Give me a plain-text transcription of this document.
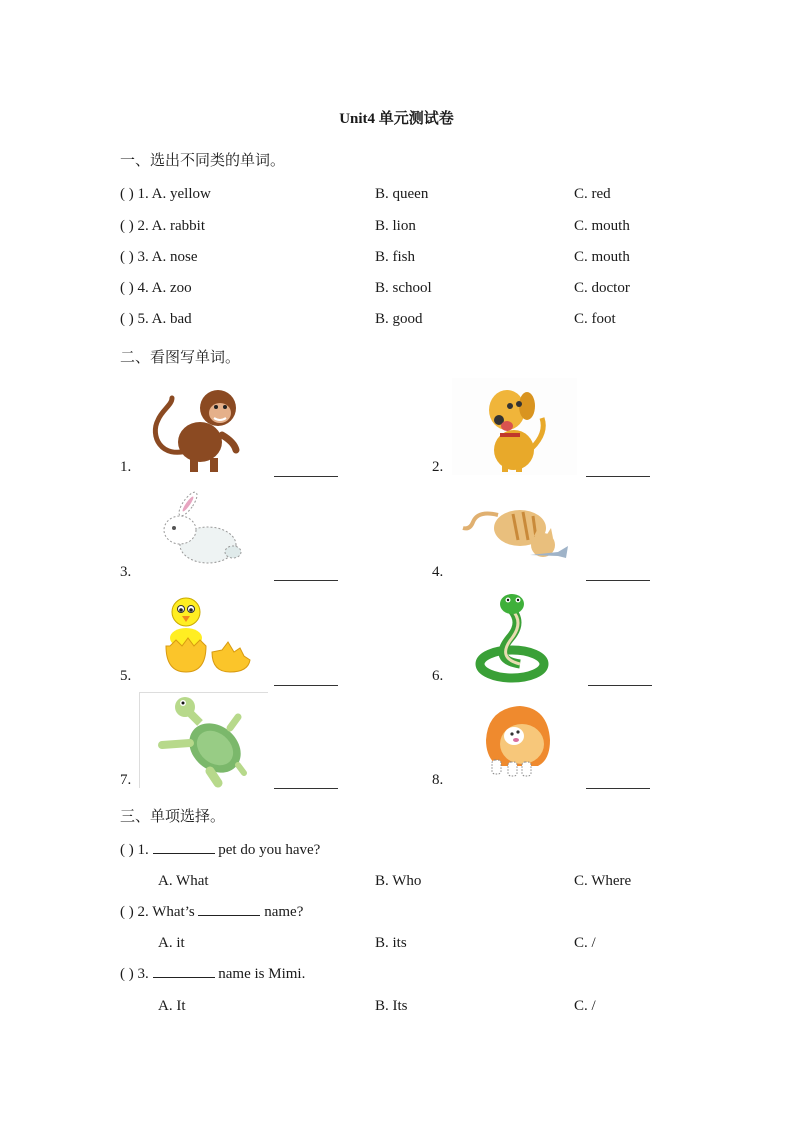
Unit4 单元测试卷
一、选出不同类的单词。
( ) 1. A. yellow	B. queen	C. red
( ) 2. A. rabbit	B. lion	C. mouth
( ) 3. A. nose	B. fish	C. mouth
( ) 4. A. zoo	B. school	C. doctor
( ) 5. A. bad	B. good	C. foot
二、看图写单词。
1.	2.
3.	4.
5.	6.
7.	8.
三、单项选择。
( ) 1.	pet do you have?
A. What	B. Who	C. Where
( ) 2. What’s	name?
A. it	B. its	C. /
( ) 3.	name is Mimi.
A. It	B. Its	C. /
